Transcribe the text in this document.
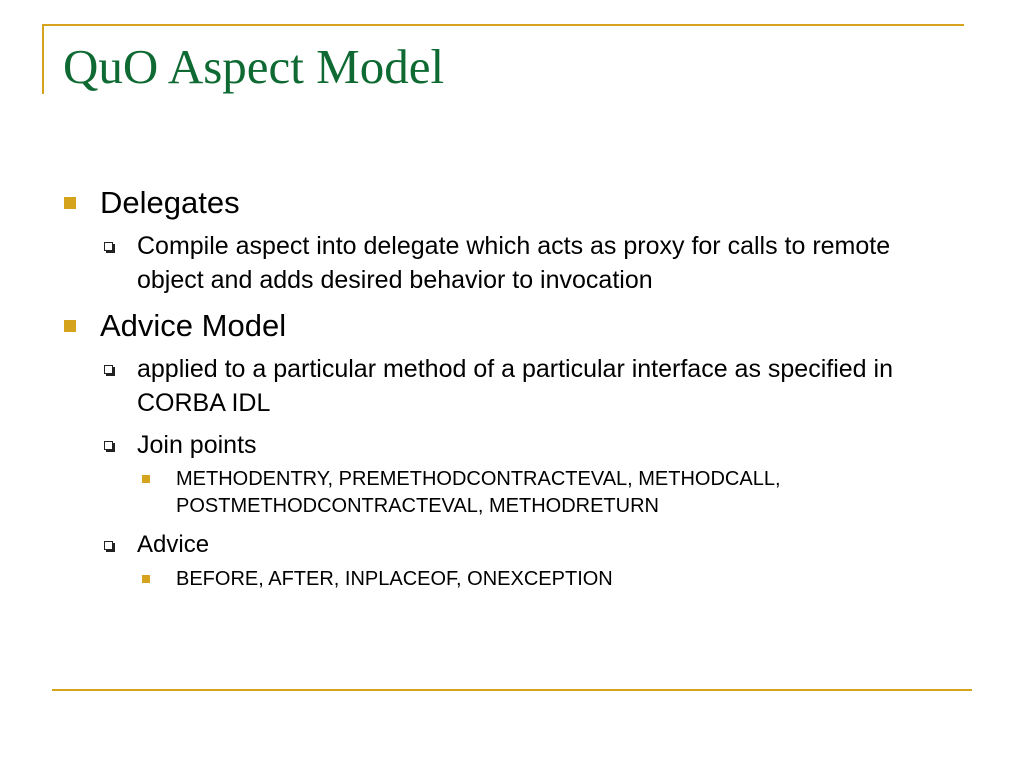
QuO Aspect Model
Delegates
Compile aspect into delegate which acts as proxy for calls to remote object and adds desired behavior to invocation
Advice Model
applied to a particular method of a particular interface as specified in CORBA IDL
Join points
METHODENTRY, PREMETHODCONTRACTEVAL, METHODCALL, POSTMETHODCONTRACTEVAL, METHODRETURN
Advice
BEFORE, AFTER, INPLACEOF, ONEXCEPTION
